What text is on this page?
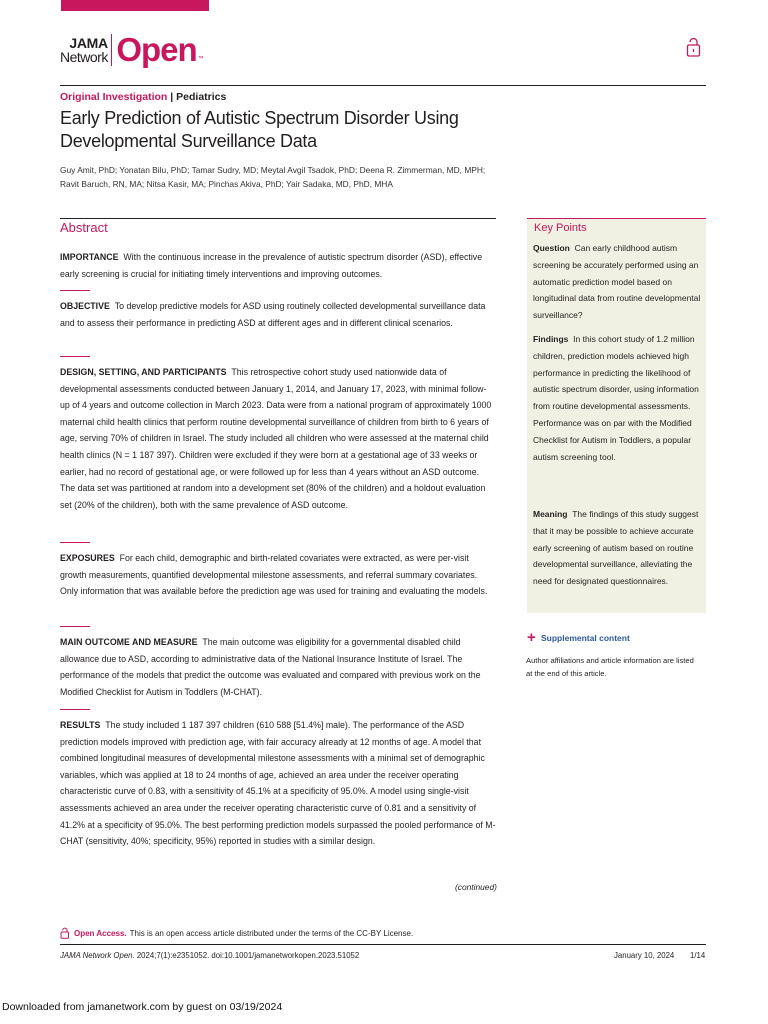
JAMA
Network Open ™
Original Investigation | Pediatrics
Early Prediction of Autistic Spectrum Disorder Using Developmental Surveillance Data
Guy Amit, PhD; Yonatan Bilu, PhD; Tamar Sudry, MD; Meytal Avgil Tsadok, PhD; Deena R. Zimmerman, MD, MPH; Ravit Baruch, RN, MA; Nitsa Kasir, MA; Pinchas Akiva, PhD; Yair Sadaka, MD, PhD, MHA
Abstract
IMPORTANCE With the continuous increase in the prevalence of autistic spectrum disorder (ASD), effective early screening is crucial for initiating timely interventions and improving outcomes.
OBJECTIVE To develop predictive models for ASD using routinely collected developmental surveillance data and to assess their performance in predicting ASD at different ages and in different clinical scenarios.
DESIGN, SETTING, AND PARTICIPANTS This retrospective cohort study used nationwide data of developmental assessments conducted between January 1, 2014, and January 17, 2023, with minimal follow-up of 4 years and outcome collection in March 2023. Data were from a national program of approximately 1000 maternal child health clinics that perform routine developmental surveillance of children from birth to 6 years of age, serving 70% of children in Israel. The study included all children who were assessed at the maternal child health clinics (N = 1 187 397). Children were excluded if they were born at a gestational age of 33 weeks or earlier, had no record of gestational age, or were followed up for less than 4 years without an ASD outcome. The data set was partitioned at random into a development set (80% of the children) and a holdout evaluation set (20% of the children), both with the same prevalence of ASD outcome.
EXPOSURES For each child, demographic and birth-related covariates were extracted, as were per-visit growth measurements, quantified developmental milestone assessments, and referral summary covariates. Only information that was available before the prediction age was used for training and evaluating the models.
MAIN OUTCOME AND MEASURE The main outcome was eligibility for a governmental disabled child allowance due to ASD, according to administrative data of the National Insurance Institute of Israel. The performance of the models that predict the outcome was evaluated and compared with previous work on the Modified Checklist for Autism in Toddlers (M-CHAT).
RESULTS The study included 1 187 397 children (610 588 [51.4%] male). The performance of the ASD prediction models improved with prediction age, with fair accuracy already at 12 months of age. A model that combined longitudinal measures of developmental milestone assessments with a minimal set of demographic variables, which was applied at 18 to 24 months of age, achieved an area under the receiver operating characteristic curve of 0.83, with a sensitivity of 45.1% at a specificity of 95.0%. A model using single-visit assessments achieved an area under the receiver operating characteristic curve of 0.81 and a sensitivity of 41.2% at a specificity of 95.0%. The best performing prediction models surpassed the pooled performance of M-CHAT (sensitivity, 40%; specificity, 95%) reported in studies with a similar design.
(continued)
Key Points
Question Can early childhood autism screening be accurately performed using an automatic prediction model based on longitudinal data from routine developmental surveillance?
Findings In this cohort study of 1.2 million children, prediction models achieved high performance in predicting the likelihood of autistic spectrum disorder, using information from routine developmental assessments. Performance was on par with the Modified Checklist for Autism in Toddlers, a popular autism screening tool.
Meaning The findings of this study suggest that it may be possible to achieve accurate early screening of autism based on routine developmental surveillance, alleviating the need for designated questionnaires.
+ Supplemental content
Author affiliations and article information are listed at the end of this article.
Open Access. This is an open access article distributed under the terms of the CC-BY License.
JAMA Network Open. 2024;7(1):e2351052. doi:10.1001/jamanetworkopen.2023.51052	January 10, 2024 1/14
Downloaded from jamanetwork.com by guest on 03/19/2024
